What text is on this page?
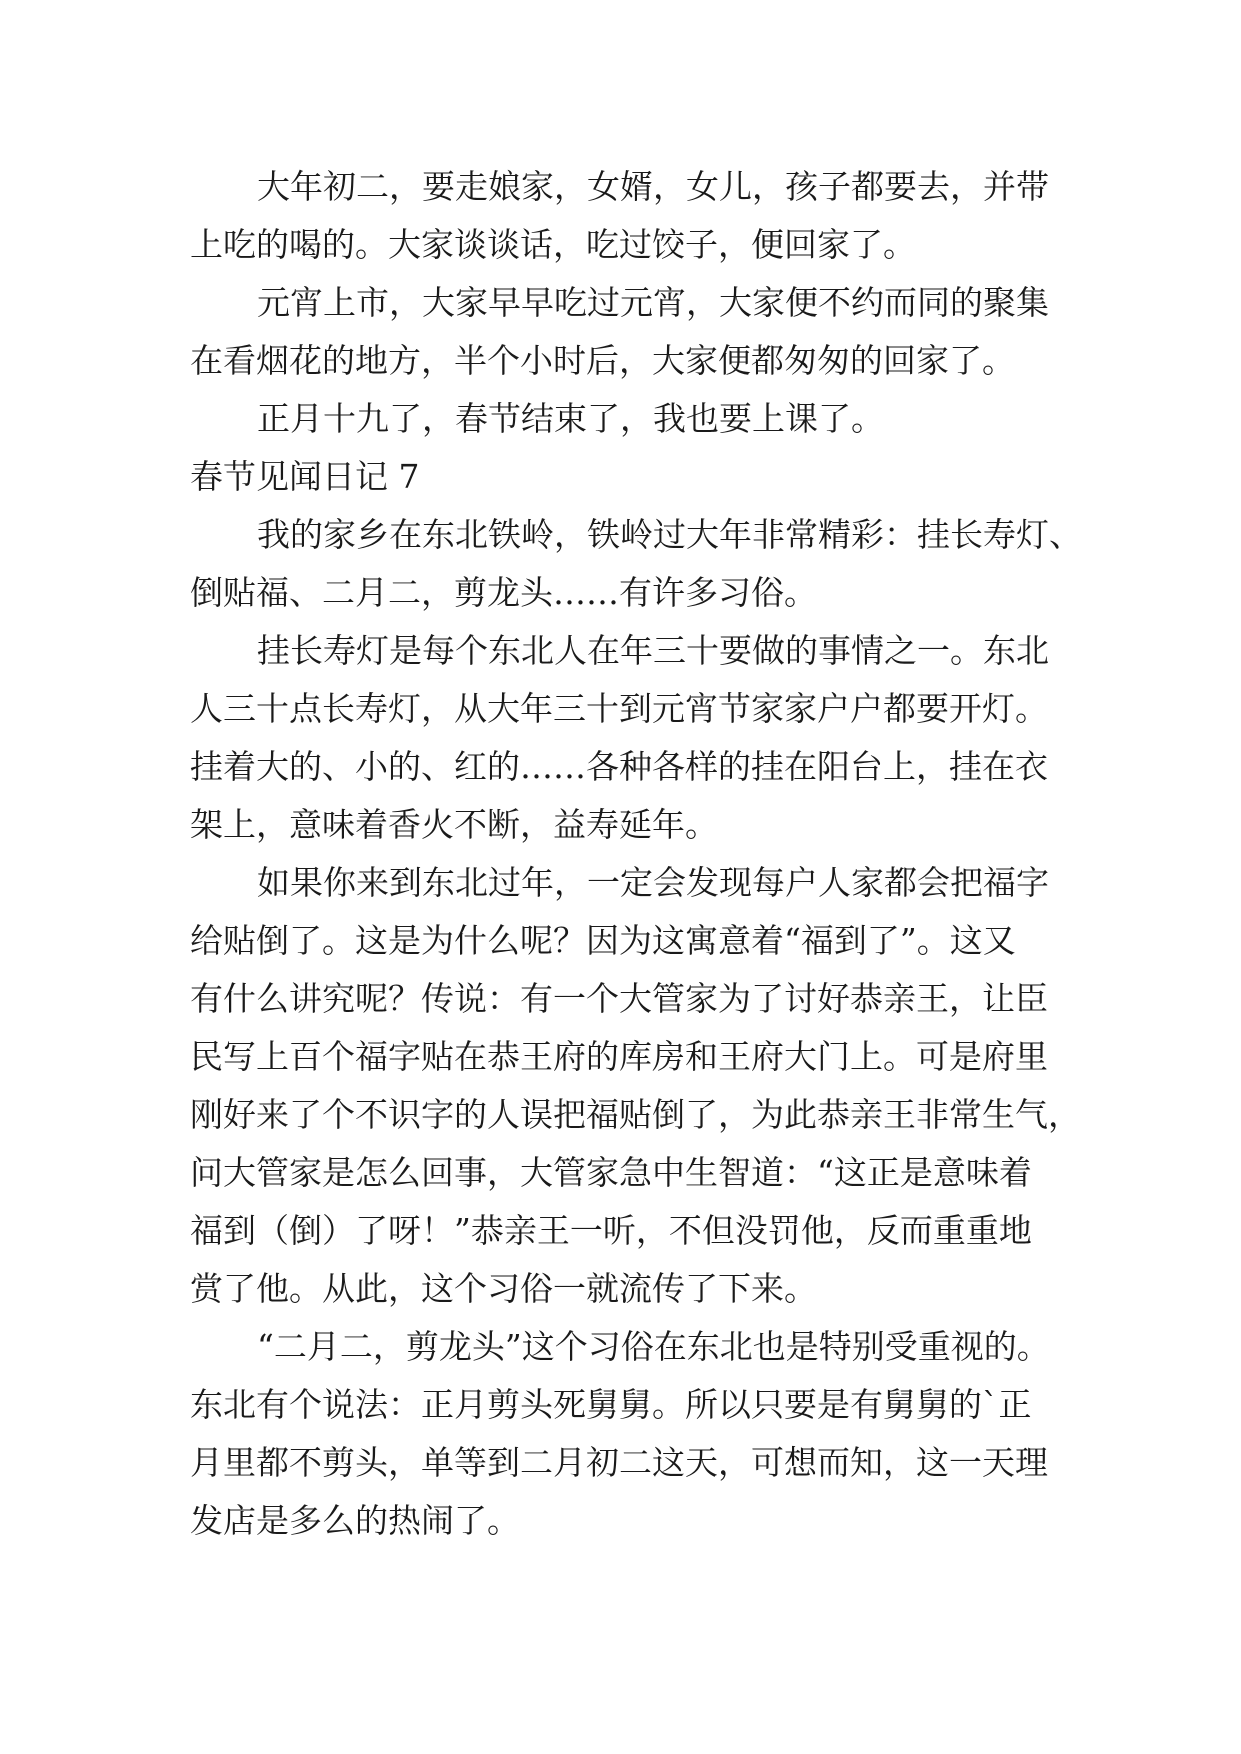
大年初二，要走娘家，女婿，女儿，孩子都要去，并带
上吃的喝的。大家谈谈话，吃过饺子，便回家了。
元宵上市，大家早早吃过元宵，大家便不约而同的聚集
在看烟花的地方，半个小时后，大家便都匆匆的回家了。
正月十九了，春节结束了，我也要上课了。
春节见闻日记 7
我的家乡在东北铁岭，铁岭过大年非常精彩：挂长寿灯、
倒贴福、二月二，剪龙头……有许多习俗。
挂长寿灯是每个东北人在年三十要做的事情之一。东北
人三十点长寿灯，从大年三十到元宵节家家户户都要开灯。
挂着大的、小的、红的……各种各样的挂在阳台上，挂在衣
架上，意味着香火不断，益寿延年。
如果你来到东北过年，一定会发现每户人家都会把福字
给贴倒了。这是为什么呢？因为这寓意着“福到了”。这又
有什么讲究呢？传说：有一个大管家为了讨好恭亲王，让臣
民写上百个福字贴在恭王府的库房和王府大门上。可是府里
刚好来了个不识字的人误把福贴倒了，为此恭亲王非常生气，
问大管家是怎么回事，大管家急中生智道：“这正是意味着
福到（倒）了呀！”恭亲王一听，不但没罚他，反而重重地
赏了他。从此，这个习俗一就流传了下来。
“二月二，剪龙头”这个习俗在东北也是特别受重视的。
东北有个说法：正月剪头死舅舅。所以只要是有舅舅的`正
月里都不剪头，单等到二月初二这天，可想而知，这一天理
发店是多么的热闹了。
